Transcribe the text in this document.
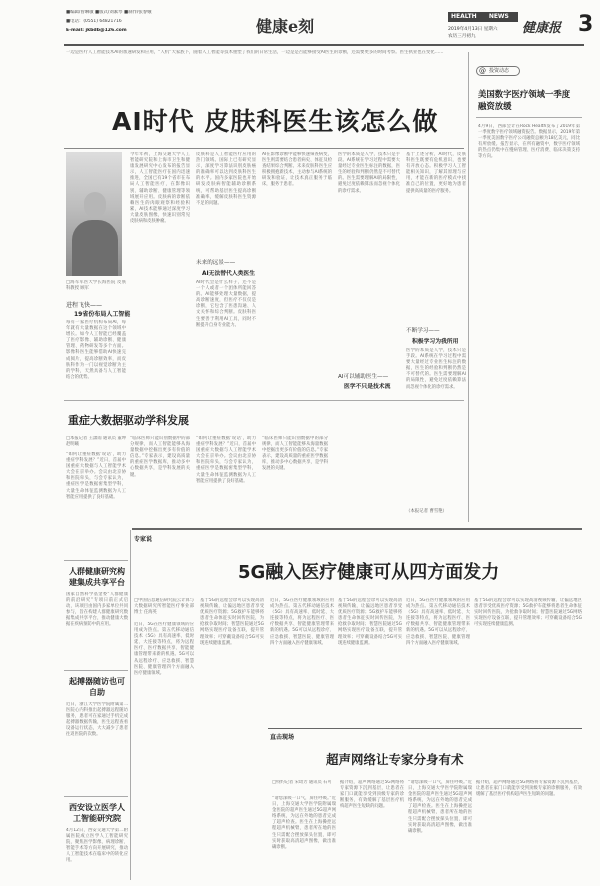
■编辑/曾琳敏 ■版式/刘素琴 ■制作/张春娥
■电话：(0551) 64821716
E-mail: jkbdb@126.com	健康e刻
HEALTH NEWS
2019年4月13日 星期六
农历三月初九
健康报 3
一边是医疗人工智能技术AI的加速研发和应用，“人机”大家族下，随着人工智能等技术重塑了我们的日常生活，一边是是否能够接受AI医生的诊断，还需要更多的时间考察。医生执业也在变化……
AI时代 皮肤科医生该怎么做
@ 投资动态
美国数字医疗领域一季度融资放缓
4月9日，西部会计在Rock Health发布了2019年第一季度数字医疗领域融资报告。数据显示，2019年第一季度美国数字医疗公司融资总额为18亿美元，同比有所放缓。报告显示，在所有融资中，数字医疗领域的热点仍集中在慢病管理、医疗消费、临床决策支持等方向。
□海军军医大学长海医院 皮肤科教授 顾军
进程飞快——
19省份布局人工智能
每有一家医疗机构布局AI，每年就有大量数据在这个领域中增长。如今人工智能已经覆盖了医疗影像、辅助诊断、健康管理、药物研发等多个方面。影像科医生能够借助AI快速完成阅片，提高诊断效率，而皮肤科作为一门以视觉诊断为主的学科，天然具备与人工智能结合的优势。
今年年初，上海交通大学人工智能研究院和上海市卫生和健康发展研究中心发布的报告显示，人工智能医疗在国内迅速推进，全国已有19个省市在布局人工智能医疗，在影像识别、辅助诊断、健康管理等领域展开应用。皮肤病的诊断依赖医生的肉眼观察和经验积累，AI技术能够通过深度学习大量皮肤图像，快速识别常见皮肤病和皮肤肿瘤。
皮肤科是人工智能医疗应用的热门领域。国际上已有研究显示，深度学习算法识别皮肤癌的准确率可以达到皮肤科医生的水平。国内多家医院也开始研发皮肤病智能辅助诊断系统，可帮助基层医生提高诊断准确率，缓解皮肤科医生资源不足的问题。
未来的远景——
AI无法替代人类医生
AI时代会是什么样子，还不是一个人或者一个团体所能回答的。AI能够处理大量数据，提高诊断速度，但医疗不仅仅是诊断，它包含了医患沟通、人文关怀和综合判断。皮肤科医生要善于利用AI工具，同时不断提升自身专业能力。
AI在影像诊断中能够快速筛查病变，医生则需要结合患者病史、体征及检查结果综合判断。未来皮肤科医生应积极拥抱新技术，主动参与AI系统的研发和验证，让技术真正服务于临床，服务于患者。
医学的本质是人学，技术只是手段。AI系统在学习过程中需要大量经过专业医生标注的数据，医生的经验和判断仍然是不可替代的。医生需要理解AI的局限性，避免过度依赖算法而忽视个体化的诊疗需求。
AI可以辅助医生——
医学不只是技术流
基于上述分析，AI时代，皮肤科医生既要有危机意识，也要有开放心态。积极学习人工智能相关知识，了解其原理与应用，才能在新的医疗模式中找准自己的位置，更好地为患者提供高质量的医疗服务。
不断学习——
积极学习为我所用
医学的本质是人学，技术只是手段。AI系统在学习过程中需要大量经过专业医生标注的数据，医生的经验和判断仍然是不可替代的。医生需要理解AI的局限性，避免过度依赖算法而忽视个体化的诊疗需求。
（本报记者 曹雪艳）
重症大数据驱动学科发展
□本报记者 王潇雨 通讯员 董坤 赵明曦
“如何让重症数据‘说话’，助力重症学科发展？”近日，首届中国重症大数据与人工智能学术大会在京举办。会议由北京协和医院牵头，与会专家认为，重症医学是数据密集型学科，大量生命体征监测数据为人工智能应用提供了良好基础。
“临床医师只能识别数据中的部分规律，而人工智能能够从海量数据中挖掘出更多有价值的信息。”专家表示，建设高质量的重症医学数据库，推动多中心数据共享，是学科发展的关键。
“如何让重症数据‘说话’，助力重症学科发展？”近日，首届中国重症大数据与人工智能学术大会在京举办。会议由北京协和医院牵头，与会专家认为，重症医学是数据密集型学科，大量生命体征监测数据为人工智能应用提供了良好基础。
“临床医师只能识别数据中的部分规律，而人工智能能够从海量数据中挖掘出更多有价值的信息。”专家表示，建设高质量的重症医学数据库，推动多中心数据共享，是学科发展的关键。
人群健康研究构建集成共享平台
国家自然科学基金委“人群健康的前沿研究”专项日前正式启动，该项目由国内多家单位共同参与，旨在构建人群健康研究数据集成共享平台，推动健康大数据在疾病预防中的应用。
起搏器随访也可自助
近日，浙江大学医学院附属第二医院心内科推出起搏器远程随访服务，患者可在家通过手机完成起搏器数据传输，医生远程查看设备运行状态，大大减少了患者往返医院的次数。
西安设立医学人工智能研究院
4月12日，西安交通大学第二附属医院成立医学人工智能研究院，聚焦医学影像、病理诊断、智能手术等方向开展研究，推动人工智能技术在临床中的转化应用。
专家说
5G融入医疗健康可从四方面发力
□中国信息通信研究院云计算与大数据研究所智能医疗事业部 博士 任海英
近日，5G在医疗健康领域的应用成为热点。第五代移动通信技术（5G）具有高速率、低时延、大连接等特点，将为远程医疗、医疗数据共享、智能健康管理带来新的机遇。5G可以从远程诊疗、应急救援、智慧医院、健康管理四个方面融入医疗健康领域。
基于5G的远程会诊可以实现高清视频传输，让偏远地区患者享受优质医疗资源；5G救护车能够将患者生命体征实时回传医院，为抢救争取时间；智慧医院通过5G网络实现医疗设备互联，提升管理效率；可穿戴设备结合5G可实现连续健康监测。
近日，5G在医疗健康领域的应用成为热点。第五代移动通信技术（5G）具有高速率、低时延、大连接等特点，将为远程医疗、医疗数据共享、智能健康管理带来新的机遇。5G可以从远程诊疗、应急救援、智慧医院、健康管理四个方面融入医疗健康领域。
基于5G的远程会诊可以实现高清视频传输，让偏远地区患者享受优质医疗资源；5G救护车能够将患者生命体征实时回传医院，为抢救争取时间；智慧医院通过5G网络实现医疗设备互联，提升管理效率；可穿戴设备结合5G可实现连续健康监测。
近日，5G在医疗健康领域的应用成为热点。第五代移动通信技术（5G）具有高速率、低时延、大连接等特点，将为远程医疗、医疗数据共享、智能健康管理带来新的机遇。5G可以从远程诊疗、应急救援、智慧医院、健康管理四个方面融入医疗健康领域。
基于5G的远程会诊可以实现高清视频传输，让偏远地区患者享受优质医疗资源；5G救护车能够将患者生命体征实时回传医院，为抢救争取时间；智慧医院通过5G网络实现医疗设备互联，提升管理效率；可穿戴设备结合5G可实现连续健康监测。
直击现场
超声网络让专家分身有术
□特约记者 宋琦芳 通讯员 石可
“请您深吸一口气，屏住呼吸。”近日，上海交通大学医学院附属瑞金医院的超声医生通过5G超声网络系统，为远在外地的患者完成了超声检查。医生在上海操控远程超声机械臂，患者所在地的医生只需配合摆放探头位置，即可实时获取高清超声图像，做出准确诊断。
据介绍，超声网络通过5G网络将专家资源下沉到基层，让患者在家门口就能享受到顶级专家的诊断服务，有效缓解了基层医疗机构超声医生短缺的问题。
“请您深吸一口气，屏住呼吸。”近日，上海交通大学医学院附属瑞金医院的超声医生通过5G超声网络系统，为远在外地的患者完成了超声检查。医生在上海操控远程超声机械臂，患者所在地的医生只需配合摆放探头位置，即可实时获取高清超声图像，做出准确诊断。
据介绍，超声网络通过5G网络将专家资源下沉到基层，让患者在家门口就能享受到顶级专家的诊断服务，有效缓解了基层医疗机构超声医生短缺的问题。
